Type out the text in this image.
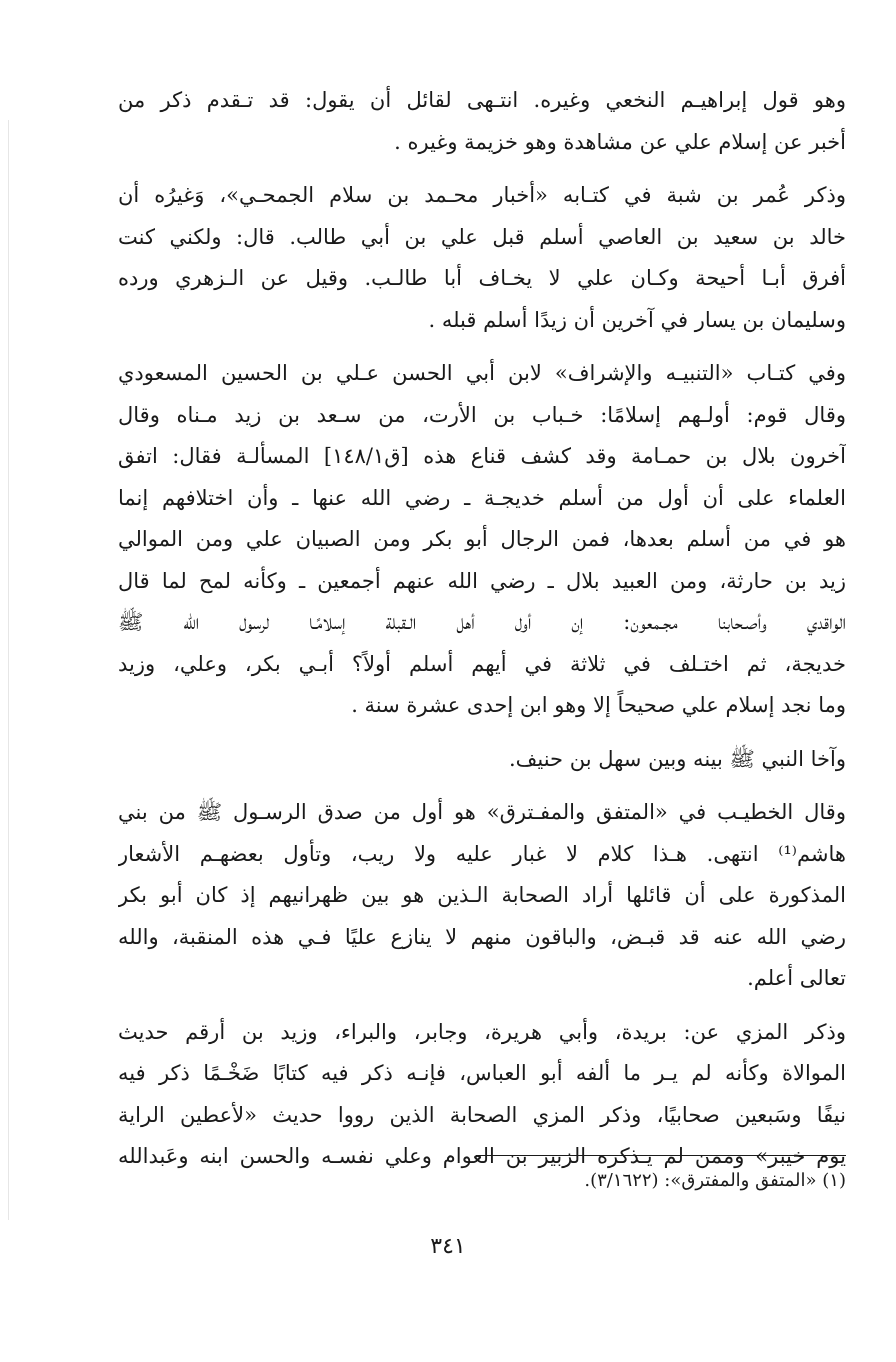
وهو قول إبراهيـم النخعي وغيره. انتـهى لقائل أن يقول: قد تـقدم ذكر من
أخبر عن إسلام علي عن مشاهدة وهو خزيمة وغيره .
وذكر عُمر بن شبة في كتـابه «أخبار محـمد بن سلام الجمحـي»، وَغيرُه أن
خالد بن سعيد بن العاصي أسلم قبل علي بن أبي طالب. قال: ولكني كنت
أفرق أبـا أحيحة وكـان علي لا يخـاف أبا طالـب. وقيل عن الـزهري ورده
وسليمان بن يسار في آخرين أن زيدًا أسلم قبله .
وفي كتـاب «التنبيـه والإشراف» لابن أبي الحسن عـلي بن الحسين المسعودي
وقال قوم: أولـهم إسلامًا: خـباب بن الأرت، من سـعد بن زيد مـناه وقال
آخرون بلال بن حمـامة وقد كشف قناع هذه [ق١٤٨/١] المسألـة فقال: اتفق
العلماء على أن أول من أسلم خديجـة ـ رضي الله عنها ـ وأن اختلافهم إنما
هو في من أسلم بعدها، فمن الرجال أبو بكر ومن الصبيان علي ومن الموالي
زيد بن حارثة، ومن العبيد بلال ـ رضي الله عنهم أجمعين ـ وكأنه لمح لما قال
الواقدي وأصـحابنا مجـمعون: إن أول أهل الـقبلة إسلامًـا لرسول الله ﷺ
خديجة، ثم اختـلف في ثلاثة في أيهم أسلم أولاً؟ أبـي بكر، وعلي، وزيد
وما نجد إسلام علي صحيحاً إلا وهو ابن إحدى عشرة سنة .
وآخا النبي ﷺ بينه وبين سهل بن حنيف.
وقال الخطيـب في «المتفق والمفـترق» هو أول من صدق الرسـول ﷺ من بني
هاشم⁽¹⁾ انتهى. هـذا كلام لا غبار عليه ولا ريب، وتأول بعضهـم الأشعار
المذكورة على أن قائلها أراد الصحابة الـذين هو بين ظهرانيهم إذ كان أبو بكر
رضي الله عنه قد قبـض، والباقون منهم لا ينازع عليًا فـي هذه المنقبة، والله
تعالى أعلم.
وذكر المزي عن: بريدة، وأبي هريرة، وجابر، والبراء، وزيد بن أرقم حديث
الموالاة وكأنه لم يـر ما ألفه أبو العباس، فإنـه ذكر فيه كتابًا ضَخْـمًا ذكر فيه
نيفًا وسَبعين صحابيًا، وذكر المزي الصحابة الذين رووا حديث «لأعطين الراية
يوم خيبر» وممن لم يـذكره الزبير بن العوام وعلي نفسـه والحسن ابنه وعَبدالله
(١) «المتفق والمفترق»: (٣/١٦٢٢).
٣٤١
